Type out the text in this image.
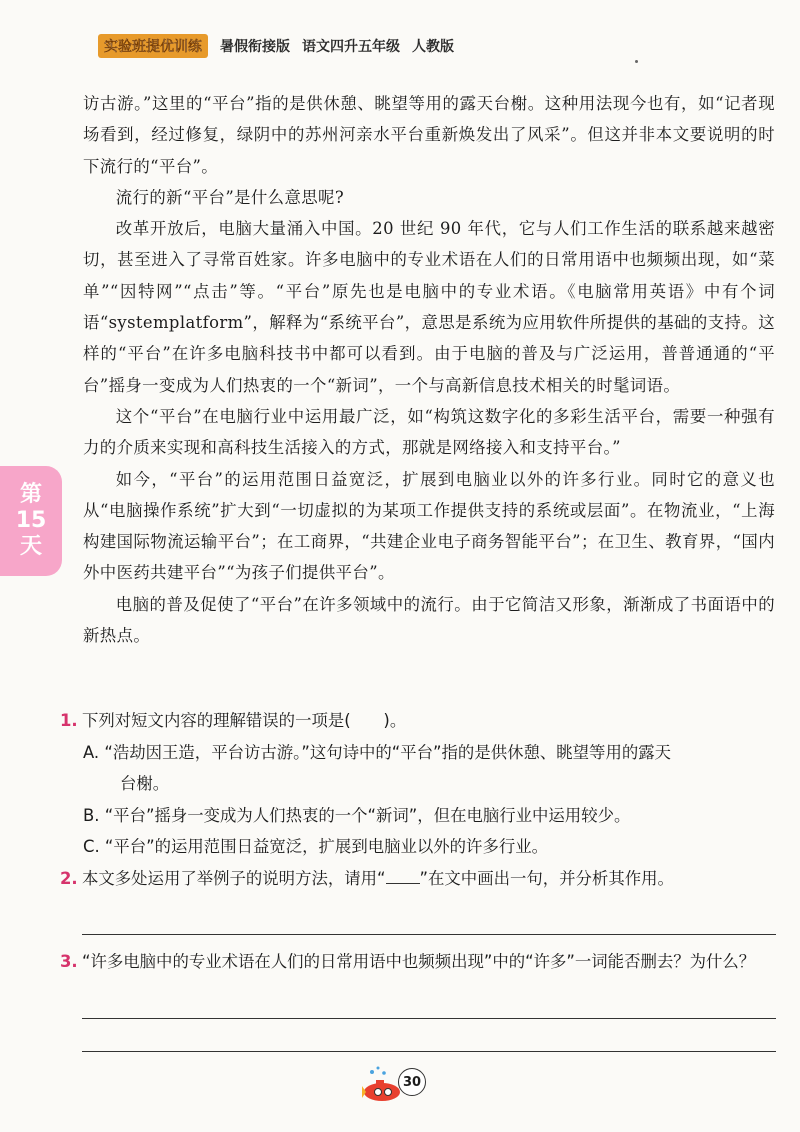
实验班提优训练	暑假衔接版 语文四升五年级 人教版
第
15
天

访古游。”这里的“平台”指的是供休憩、眺望等用的露天台榭。这种用法现今也有，如“记者现场看到，经过修复，绿阴中的苏州河亲水平台重新焕发出了风采”。但这并非本文要说明的时下流行的“平台”。

流行的新“平台”是什么意思呢?

改革开放后，电脑大量涌入中国。20 世纪 90 年代，它与人们工作生活的联系越来越密切，甚至进入了寻常百姓家。许多电脑中的专业术语在人们的日常用语中也频频出现，如“菜单”“因特网”“点击”等。“平台”原先也是电脑中的专业术语。《电脑常用英语》中有个词语“systemplatform”，解释为“系统平台”，意思是系统为应用软件所提供的基础的支持。这样的“平台”在许多电脑科技书中都可以看到。由于电脑的普及与广泛运用，普普通通的“平台”摇身一变成为人们热衷的一个“新词”，一个与高新信息技术相关的时髦词语。

这个“平台”在电脑行业中运用最广泛，如“构筑这数字化的多彩生活平台，需要一种强有力的介质来实现和高科技生活接入的方式，那就是网络接入和支持平台。”

如今，“平台”的运用范围日益宽泛，扩展到电脑业以外的许多行业。同时它的意义也从“电脑操作系统”扩大到“一切虚拟的为某项工作提供支持的系统或层面”。在物流业，“上海构建国际物流运输平台”；在工商界，“共建企业电子商务智能平台”；在卫生、教育界，“国内外中医药共建平台”“为孩子们提供平台”。

电脑的普及促使了“平台”在许多领域中的流行。由于它简洁又形象，渐渐成了书面语中的新热点。

1. 下列对短文内容的理解错误的一项是(　　)。
A. “浩劫因王造，平台访古游。”这句诗中的“平台”指的是供休憩、眺望等用的露天
台榭。
B. “平台”摇身一变成为人们热衷的一个“新词”，但在电脑行业中运用较少。
C. “平台”的运用范围日益宽泛，扩展到电脑业以外的许多行业。
2. 本文多处运用了举例子的说明方法，请用“ ”在文中画出一句，并分析其作用。
3. “许多电脑中的专业术语在人们的日常用语中也频频出现”中的“许多”一词能否删去？为什么？
30
